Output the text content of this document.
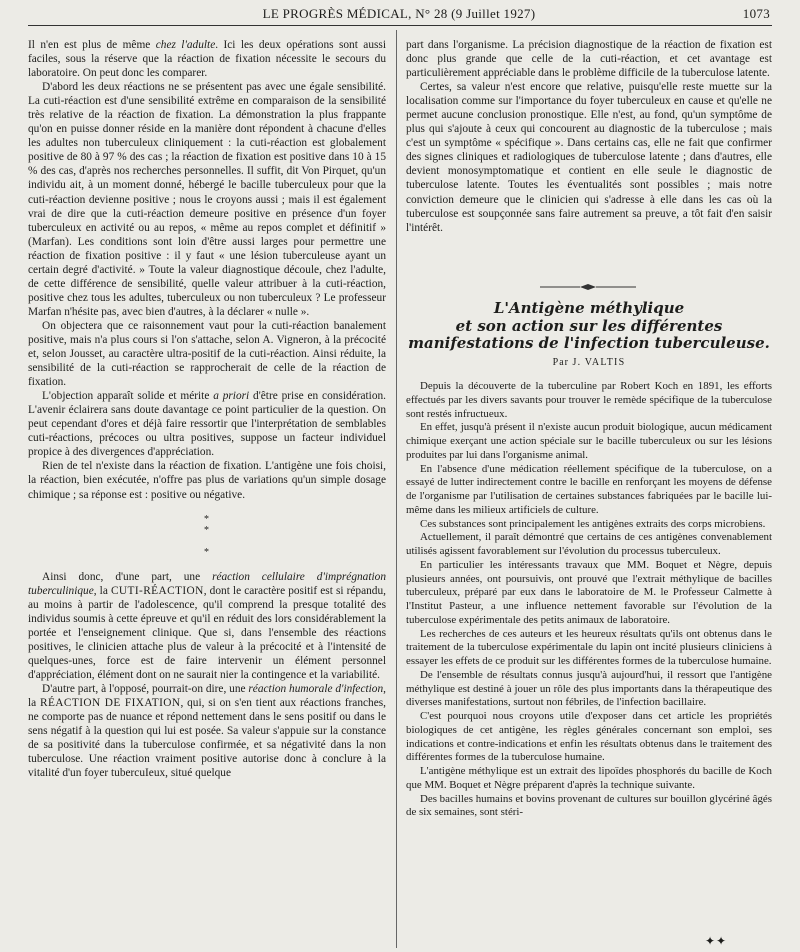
LE PROGRÈS MÉDICAL, N° 28 (9 Juillet 1927)	1073

Il n'en est plus de même chez l'adulte. Ici les deux opérations sont aussi faciles, sous la réserve que la réaction de fixation nécessite le secours du laboratoire. On peut donc les comparer.

D'abord les deux réactions ne se présentent pas avec une égale sensibilité. La cuti-réaction est d'une sensibilité extrême en comparaison de la sensibilité très relative de la réaction de fixation. La démonstration la plus frappante qu'on en puisse donner réside en la manière dont répondent à chacune d'elles les adultes non tuberculeux cliniquement : la cuti-réaction est globalement positive de 80 à 97 % des cas ; la réaction de fixation est positive dans 10 à 15 % des cas, d'après nos recherches personnelles. Il suffit, dit Von Pirquet, qu'un individu ait, à un moment donné, hébergé le bacille tuberculeux pour que la cuti-réaction devienne positive ; nous le croyons aussi ; mais il est également vrai de dire que la cuti-réaction demeure positive en présence d'un foyer tuberculeux en activité ou au repos, « même au repos complet et définitif » (Marfan). Les conditions sont loin d'être aussi larges pour permettre une réaction de fixation positive : il y faut « une lésion tuberculeuse ayant un certain degré d'activité. » Toute la valeur diagnostique découle, chez l'adulte, de cette différence de sensibilité, quelle valeur attribuer à la cuti-réaction, positive chez tous les adultes, tuberculeux ou non tuberculeux ? Le professeur Marfan n'hésite pas, avec bien d'autres, à la déclarer « nulle ».

On objectera que ce raisonnement vaut pour la cuti-réaction banalement positive, mais n'a plus cours si l'on s'attache, selon A. Vigneron, à la précocité et, selon Jousset, au caractère ultra-positif de la cuti-réaction. Ainsi réduite, la sensibilité de la cuti-réaction se rapprocherait de celle de la réaction de fixation.

L'objection apparaît solide et mérite a priori d'être prise en considération. L'avenir éclairera sans doute davantage ce point particulier de la question. On peut cependant d'ores et déjà faire ressortir que l'interprétation de semblables cuti-réactions, précoces ou ultra positives, suppose un facteur individuel propice à des divergences d'appréciation.

Rien de tel n'existe dans la réaction de fixation. L'antigène une fois choisi, la réaction, bien exécutée, n'offre pas plus de variations qu'un simple dosage chimique ; sa réponse est : positive ou négative.

*
*

*

Ainsi donc, d'une part, une réaction cellulaire d'imprégnation tuberculinique, la CUTI-RÉACTION, dont le caractère positif est si répandu, au moins à partir de l'adolescence, qu'il comprend la presque totalité des individus soumis à cette épreuve et qu'il en réduit des lors considérablement la portée et l'enseignement clinique. Que si, dans l'ensemble des réactions positives, le clinicien attache plus de valeur à la précocité et à l'intensité de quelques-unes, force est de faire intervenir un élément personnel d'appréciation, élément dont on ne saurait nier la contingence et la variabilité.

D'autre part, à l'opposé, pourrait-on dire, une réaction humorale d'infection, la RÉACTION DE FIXATION, qui, si on s'en tient aux réactions franches, ne comporte pas de nuance et répond nettement dans le sens positif ou dans le sens négatif à la question qui lui est posée. Sa valeur s'appuie sur la constance de sa positivité dans la tuberculose confirmée, et sa négativité dans la non tuberculose. Une réaction vraiment positive autorise donc à conclure à la vitalité d'un foyer tubercuIeux, situé quelque

part dans l'organisme. La précision diagnostique de la réaction de fixation est donc plus grande que celle de la cuti-réaction, et cet avantage est particulièrement appréciable dans le problème difficile de la tuberculose latente.

Certes, sa valeur n'est encore que relative, puisqu'elle reste muette sur la localisation comme sur l'importance du foyer tuberculeux en cause et qu'elle ne permet aucune conclusion pronostique. Elle n'est, au fond, qu'un symptôme de plus qui s'ajoute à ceux qui concourent au diagnostic de la tuberculose ; mais c'est un symptôme « spécifique ». Dans certains cas, elle ne fait que confirmer des signes cliniques et radiologiques de tuberculose latente ; dans d'autres, elle devient monosymptomatique et contient en elle seule le diagnostic de tuberculose latente. Toutes les éventualités sont possibles ; mais notre conviction demeure que le clinicien qui s'adresse à elle dans les cas où la tuberculose est soupçonnée sans faire autrement sa preuve, a tôt fait d'en saisir l'intérêt.

L'Antigène méthylique

et son action sur les différentes

manifestations de l'infection tuberculeuse.

Par J. VALTIS

Depuis la découverte de la tuberculine par Robert Koch en 1891, les efforts effectués par les divers savants pour trouver le remède spécifique de la tuberculose sont restés infructueux.

En effet, jusqu'à présent il n'existe aucun produit biologique, aucun médicament chimique exerçant une action spéciale sur le bacille tuberculeux ou sur les lésions produites par lui dans l'organisme animal.

En l'absence d'une médication réellement spécifique de la tuberculose, on a essayé de lutter indirectement contre le bacille en renforçant les moyens de défense de l'organisme par l'utilisation de certaines substances fabriquées par le bacille lui-même dans les milieux artificiels de culture.

Ces substances sont principalement les antigènes extraits des corps microbiens.

Actuellement, il paraît démontré que certains de ces antigènes convenablement utilisés agissent favorablement sur l'évolution du processus tuberculeux.

En particulier les intéressants travaux que MM. Boquet et Nègre, depuis plusieurs années, ont poursuivis, ont prouvé que l'extrait méthylique de bacilles tuberculeux, préparé par eux dans le laboratoire de M. le Professeur Calmette à l'Institut Pasteur, a une influence nettement favorable sur l'évolution de la tuberculose expérimentale des petits animaux de laboratoire.

Les recherches de ces auteurs et les heureux résultats qu'ils ont obtenus dans le traitement de la tuberculose expérimentale du lapin ont incité plusieurs cliniciens à essayer les effets de ce produit sur les différentes formes de la tuberculose humaine.

De l'ensemble de résultats connus jusqu'à aujourd'hui, il ressort que l'antigène méthylique est destiné à jouer un rôle des plus importants dans la thérapeutique des diverses manifestations, surtout non fébriles, de l'infection bacillaire.

C'est pourquoi nous croyons utile d'exposer dans cet article les propriétés biologiques de cet antigène, les règles générales concernant son emploi, ses indications et contre-indications et enfin les résultats obtenus dans le traitement des différentes formes de la tuberculose humaine.

L'antigène méthylique est un extrait des lipoïdes phosphorés du bacille de Koch que MM. Boquet et Nègre préparent d'après la technique suivante.

Des bacilles humains et bovins provenant de cultures sur bouillon glycériné âgés de six semaines, sont stéri-

✦✦
